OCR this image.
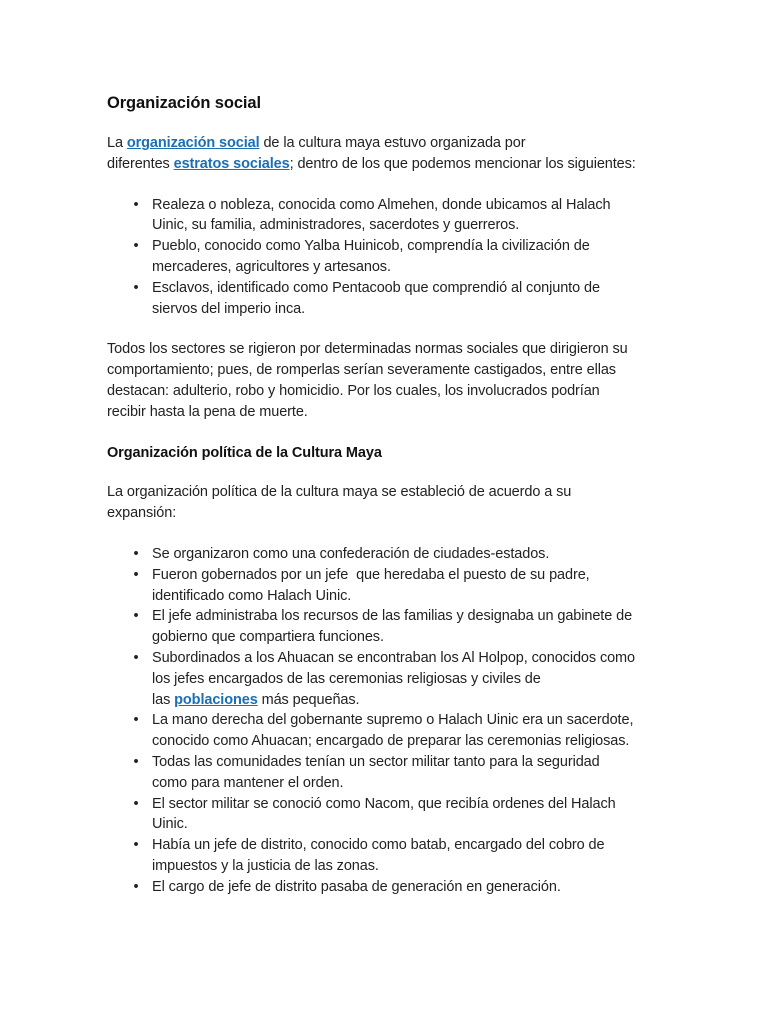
Organización social

La organización social de la cultura maya estuvo organizada por
diferentes estratos sociales; dentro de los que podemos mencionar los siguientes:

• Realeza o nobleza, conocida como Almehen, donde ubicamos al Halach
Uinic, su familia, administradores, sacerdotes y guerreros.
• Pueblo, conocido como Yalba Huinicob, comprendía la civilización de
mercaderes, agricultores y artesanos.
• Esclavos, identificado como Pentacoob que comprendió al conjunto de
siervos del imperio inca.

Todos los sectores se rigieron por determinadas normas sociales que dirigieron su
comportamiento; pues, de romperlas serían severamente castigados, entre ellas
destacan: adulterio, robo y homicidio. Por los cuales, los involucrados podrían
recibir hasta la pena de muerte.

Organización política de la Cultura Maya

La organización política de la cultura maya se estableció de acuerdo a su
expansión:

• Se organizaron como una confederación de ciudades-estados.
• Fueron gobernados por un jefe  que heredaba el puesto de su padre,
identificado como Halach Uinic.
• El jefe administraba los recursos de las familias y designaba un gabinete de
gobierno que compartiera funciones.
• Subordinados a los Ahuacan se encontraban los Al Holpop, conocidos como
los jefes encargados de las ceremonias religiosas y civiles de
las poblaciones más pequeñas.
• La mano derecha del gobernante supremo o Halach Uinic era un sacerdote,
conocido como Ahuacan; encargado de preparar las ceremonias religiosas.
• Todas las comunidades tenían un sector militar tanto para la seguridad
como para mantener el orden.
• El sector militar se conoció como Nacom, que recibía ordenes del Halach
Uinic.
• Había un jefe de distrito, conocido como batab, encargado del cobro de
impuestos y la justicia de las zonas.
• El cargo de jefe de distrito pasaba de generación en generación.
